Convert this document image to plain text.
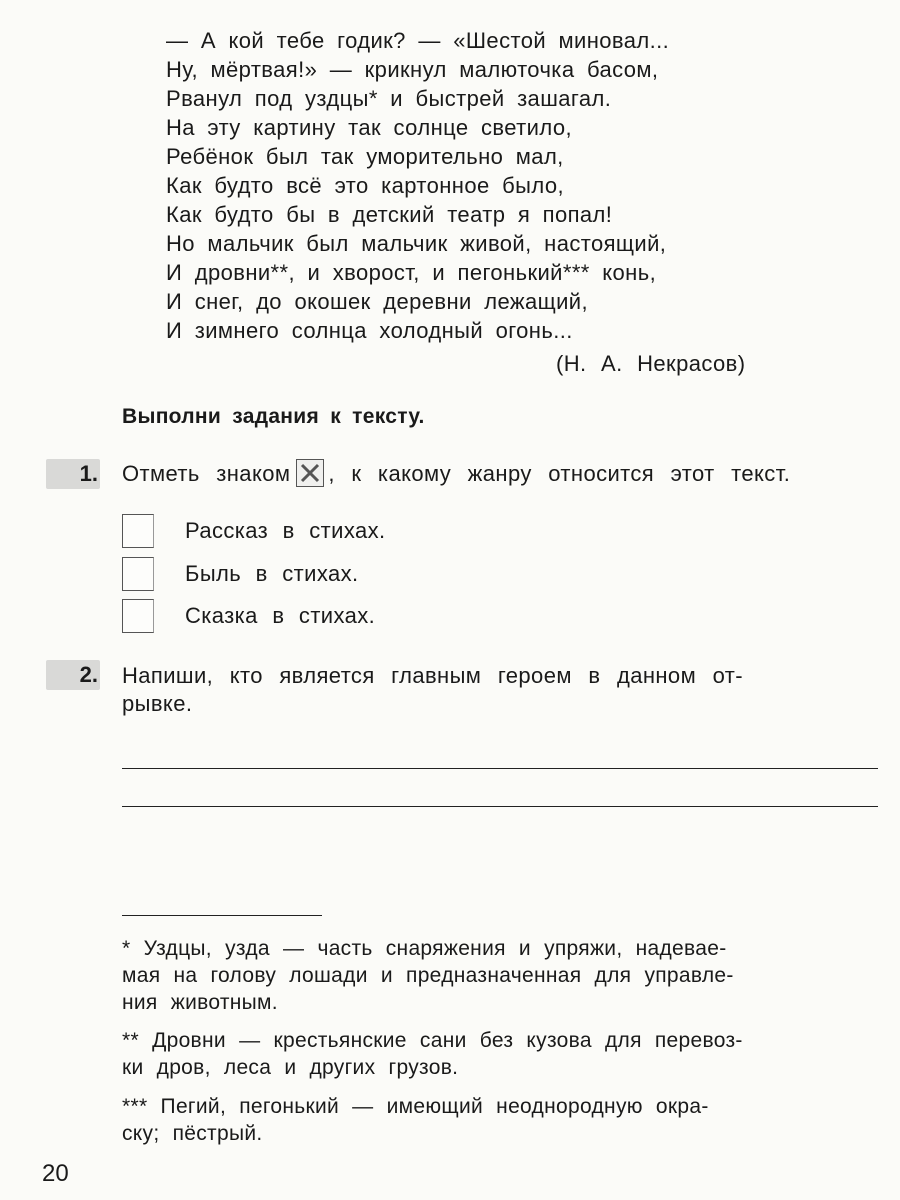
— А кой тебе годик? — «Шестой миновал...
Ну, мёртвая!» — крикнул малюточка басом,
Рванул под уздцы* и быстрей зашагал.
На эту картину так солнце светило,
Ребёнок был так уморительно мал,
Как будто всё это картонное было,
Как будто бы в детский театр я попал!
Но мальчик был мальчик живой, настоящий,
И дровни**, и хворост, и пегонький*** конь,
И снег, до окошек деревни лежащий,
И зимнего солнца холодный огонь...
(Н. А. Некрасов)
Выполни задания к тексту.
1. Отметь знаком , к какому жанру относится этот текст.
Рассказ в стихах.
Быль в стихах.
Сказка в стихах.
2. Напиши, кто является главным героем в данном от-
рывке.
* Уздцы, узда — часть снаряжения и упряжи, надевае-
мая на голову лошади и предназначенная для управле-
ния животным.
** Дровни — крестьянские сани без кузова для перевоз-
ки дров, леса и других грузов.
*** Пегий, пегонький — имеющий неоднородную окра-
ску; пёстрый.
20
